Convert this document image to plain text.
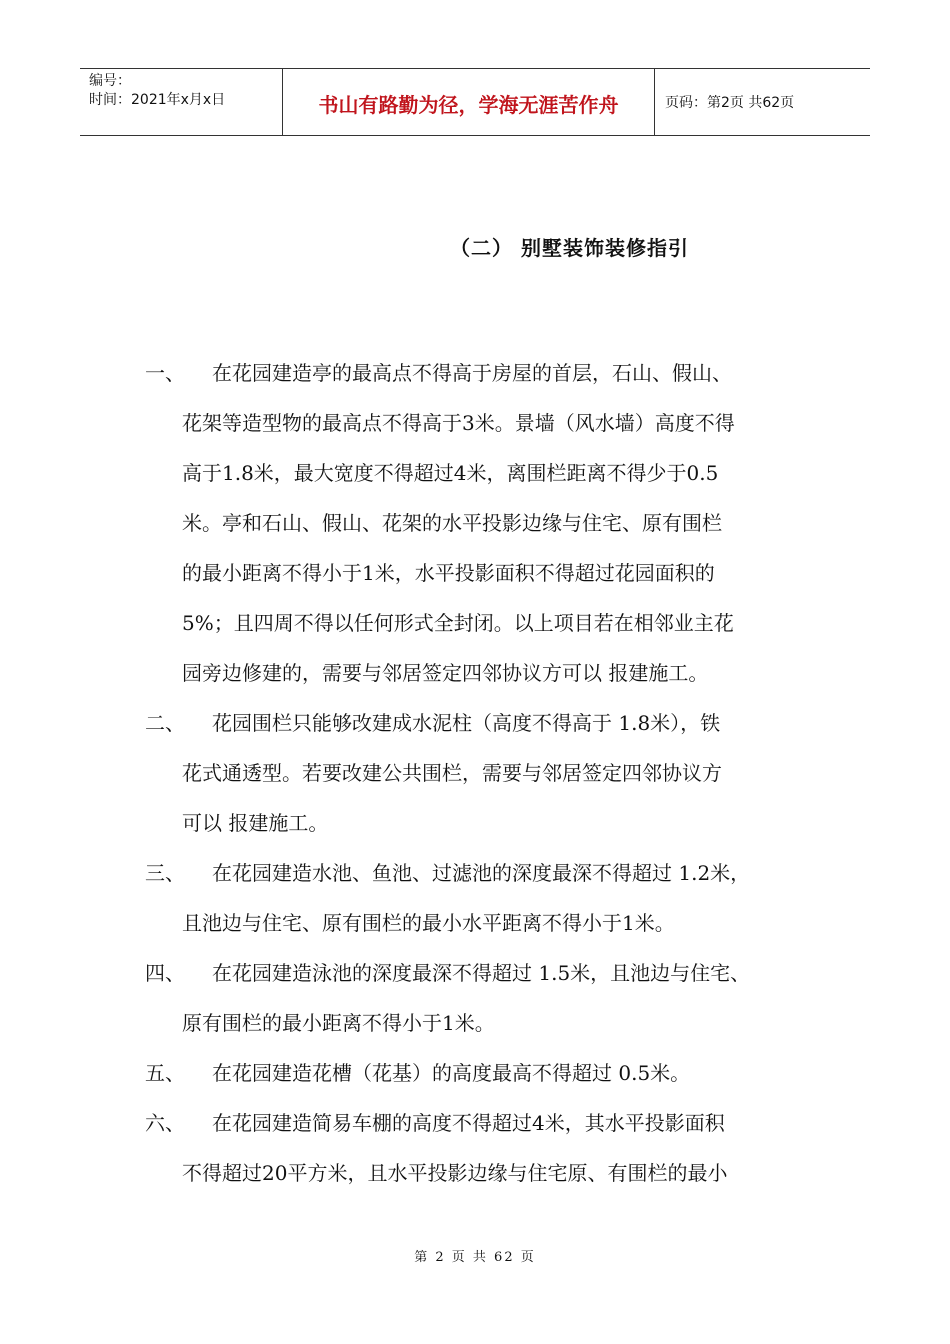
编号：
时间：2021年x月x日	书山有路勤为径，学海无涯苦作舟	页码：第2页 共62页
（二） 别墅装饰装修指引
一、	在花园建造亭的最高点不得高于房屋的首层，石山、假山、
花架等造型物的最高点不得高于3米。景墙（风水墙）高度不得
高于1.8米，最大宽度不得超过4米，离围栏距离不得少于0.5
米。亭和石山、假山、花架的水平投影边缘与住宅、原有围栏
的最小距离不得小于1米，水平投影面积不得超过花园面积的
5%；且四周不得以任何形式全封闭。以上项目若在相邻业主花
园旁边修建的，需要与邻居签定四邻协议方可以 报建施工。
二、	花园围栏只能够改建成水泥柱（高度不得高于 1.8米），铁
花式通透型。若要改建公共围栏，需要与邻居签定四邻协议方
可以 报建施工。
三、	在花园建造水池、鱼池、过滤池的深度最深不得超过 1.2米，
且池边与住宅、原有围栏的最小水平距离不得小于1米。
四、	在花园建造泳池的深度最深不得超过 1.5米，且池边与住宅、
原有围栏的最小距离不得小于1米。
五、	在花园建造花槽（花基）的高度最高不得超过 0.5米。
六、	在花园建造简易车棚的高度不得超过4米，其水平投影面积
不得超过20平方米，且水平投影边缘与住宅原、有围栏的最小
第 2 页 共 62 页
